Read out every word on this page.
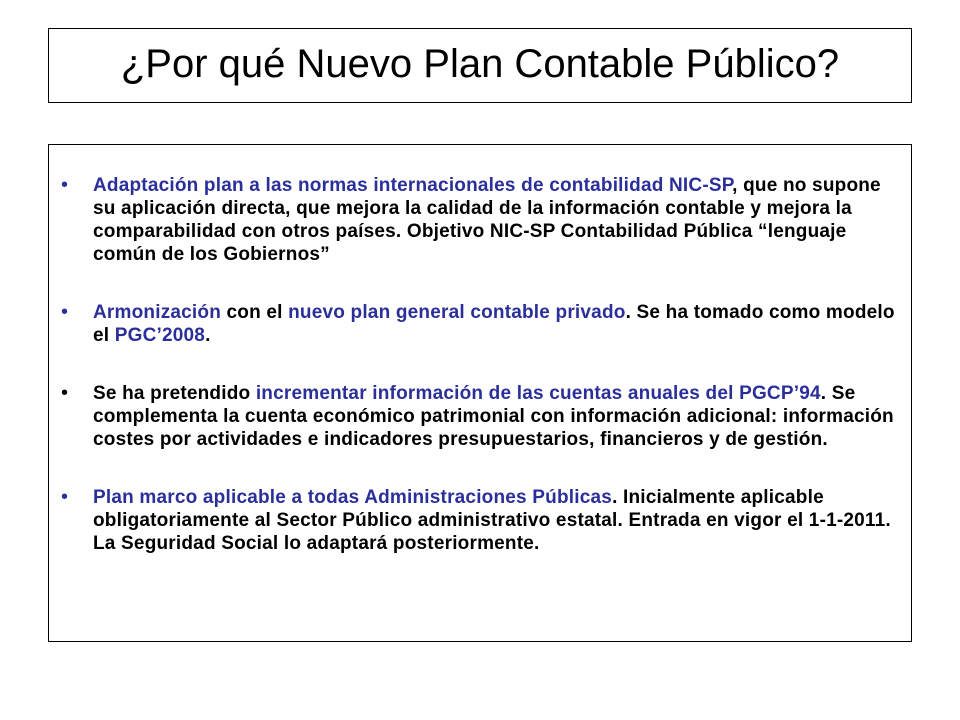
¿Por qué Nuevo Plan Contable Público?
• Adaptación plan a las normas internacionales de contabilidad NIC-SP, que no supone su aplicación directa, que mejora la calidad de la información contable y mejora la comparabilidad con otros países. Objetivo NIC-SP Contabilidad Pública “lenguaje común de los Gobiernos”
• Armonización con el nuevo plan general contable privado. Se ha tomado como modelo el PGC’2008.
• Se ha pretendido incrementar información de las cuentas anuales del PGCP’94. Se complementa la cuenta económico patrimonial con información adicional: información costes por actividades e indicadores presupuestarios, financieros y de gestión.
• Plan marco aplicable a todas Administraciones Públicas. Inicialmente aplicable obligatoriamente al Sector Público administrativo estatal. Entrada en vigor el 1-1-2011. La Seguridad Social lo adaptará posteriormente.
